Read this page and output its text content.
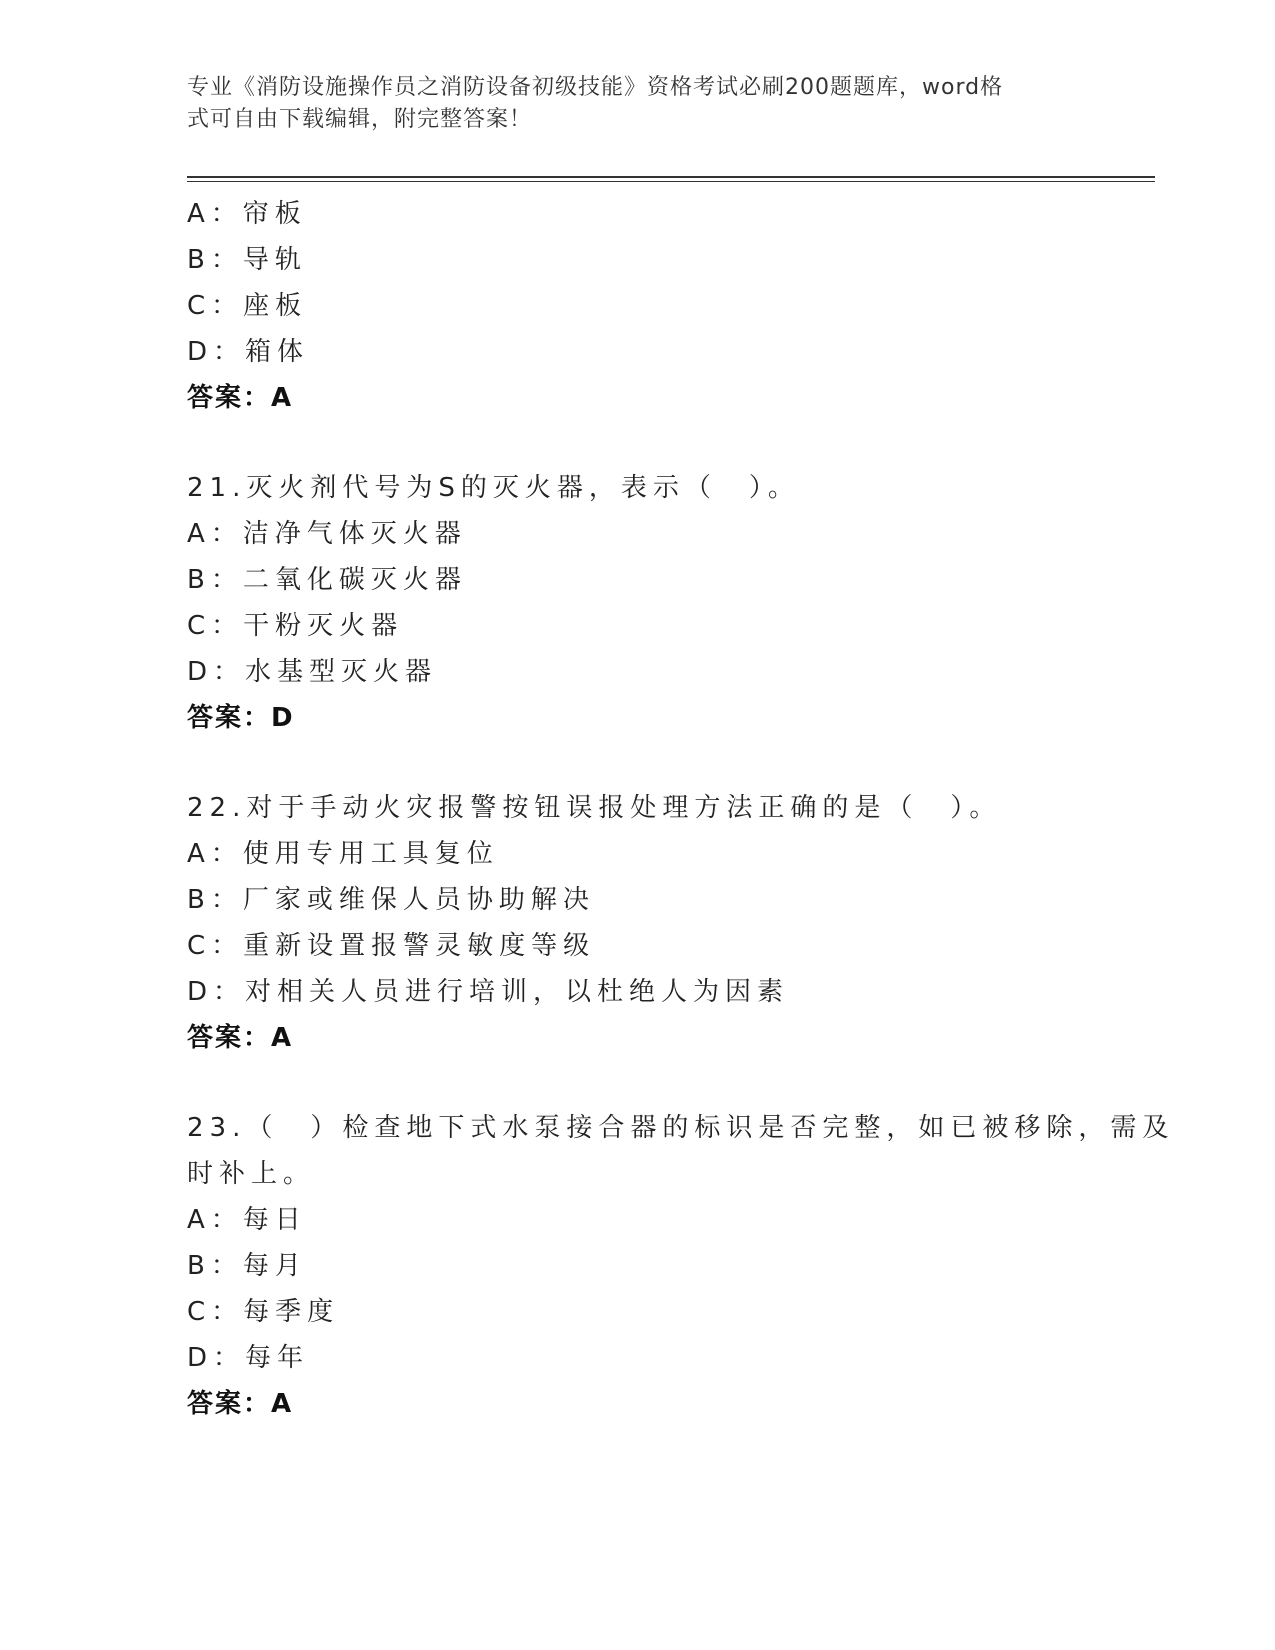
专业《消防设施操作员之消防设备初级技能》资格考试必刷200题题库，word格
式可自由下载编辑，附完整答案！
A：帘板
B：导轨
C：座板
D：箱体
答案：A
21.灭火剂代号为S的灭火器，表示（　）。
A：洁净气体灭火器
B：二氧化碳灭火器
C：干粉灭火器
D：水基型灭火器
答案：D
22.对于手动火灾报警按钮误报处理方法正确的是（　）。
A：使用专用工具复位
B：厂家或维保人员协助解决
C：重新设置报警灵敏度等级
D：对相关人员进行培训，以杜绝人为因素
答案：A
23.（　）检查地下式水泵接合器的标识是否完整，如已被移除，需及
时补上。
A：每日
B：每月
C：每季度
D：每年
答案：A
